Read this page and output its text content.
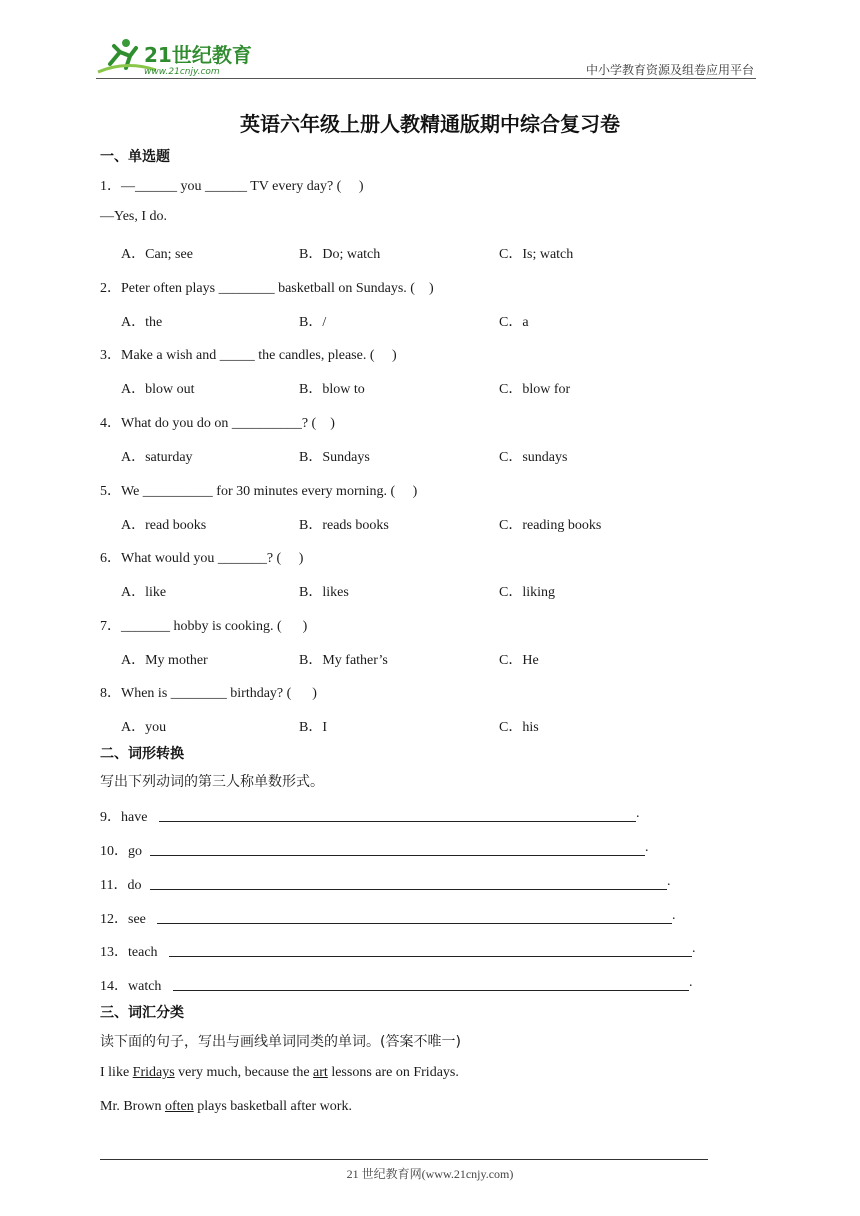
21世纪教育
www.21cnjy.com	中小学教育资源及组卷应用平台
英语六年级上册人教精通版期中综合复习卷
一、单选题
1．—______ you ______ TV every day? (     )
—Yes, I do.
A．Can; see	B．Do; watch	C．Is; watch
2．Peter often plays ________ basketball on Sundays. (    )
A．the	B．/	C．a
3．Make a wish and _____ the candles, please. (     )
A．blow out	B．blow to	C．blow for
4．What do you do on __________? (    )
A．saturday	B．Sundays	C．sundays
5．We __________ for 30 minutes every morning. (     )
A．read books	B．reads books	C．reading books
6．What would you _______? (     )
A．like	B．likes	C．liking
7．_______ hobby is cooking. (      )
A．My mother	B．My father’s	C．He
8．When is ________ birthday? (      )
A．you	B．I	C．his
二、词形转换
写出下列动词的第三人称单数形式。
9．have	.
10．go	.
11．do	.
12．see	.
13．teach	.
14．watch	.
三、词汇分类
读下面的句子，写出与画线单词同类的单词。(答案不唯一)
I like Fridays very much, because the art lessons are on Fridays.
Mr. Brown often plays basketball after work.
21 世纪教育网(www.21cnjy.com)
